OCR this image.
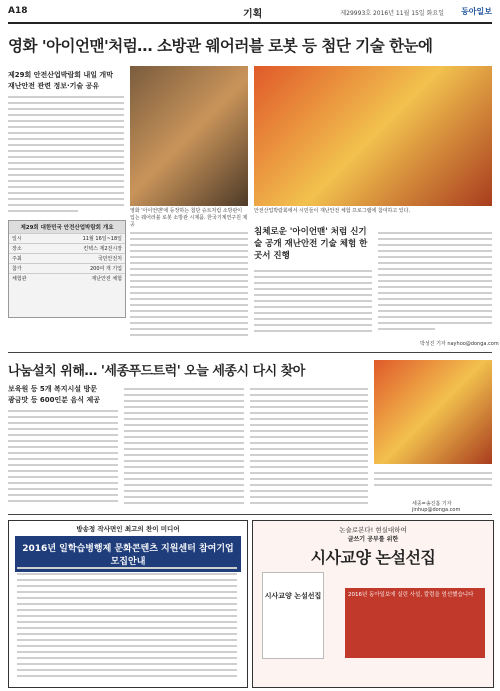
A18	기획	제29993호 2016년 11월 15일 화요일 동아일보
영화 '아이언맨'처럼… 소방관 웨어러블 로봇 등 첨단 기술 한눈에
제29회 안전산업박람회 내일 개막
재난안전 관련 정보·기술 공유
영화 '아이언맨'에 등장하는 첨단 슈트처럼 소방관이 입는 웨어러블 로봇 소방관 시제품. 한국기계연구원 제공
안전산업박람회에서 시민들이 재난안전 체험 프로그램에 참여하고 있다.
제29회 대한민국 안전산업박람회 개요
일시	11월 16일~18일
장소	킨텍스 제2전시장
주최	국민안전처
참가	200여 개 기업
체험관	재난안전 체험
침체로운 '아이언맨' 처럼 신기술 공개 재난안전 기술 체험 한곳서 진행
박성진 기자 nayhoo@donga.com
나눔설치 위해… '세종푸드트럭' 오늘 세종시 다시 찾아
보육원 등 5개 복지시설 방문
광금맛 등 600인분 음식 제공
세종=송진흡 기자 jinhup@donga.com
방송정 작사면인 최고의 찬이 미디어
2016년 일학습병행제 문화콘텐츠 지원센터 참여기업 모집안내
논술로본다! 현실대하여
글쓰기 공부를 위한
시사교양 논설선집
시사교양 논설선집	2016년 동아일보에 실린 사설, 칼럼을 엄선했습니다
